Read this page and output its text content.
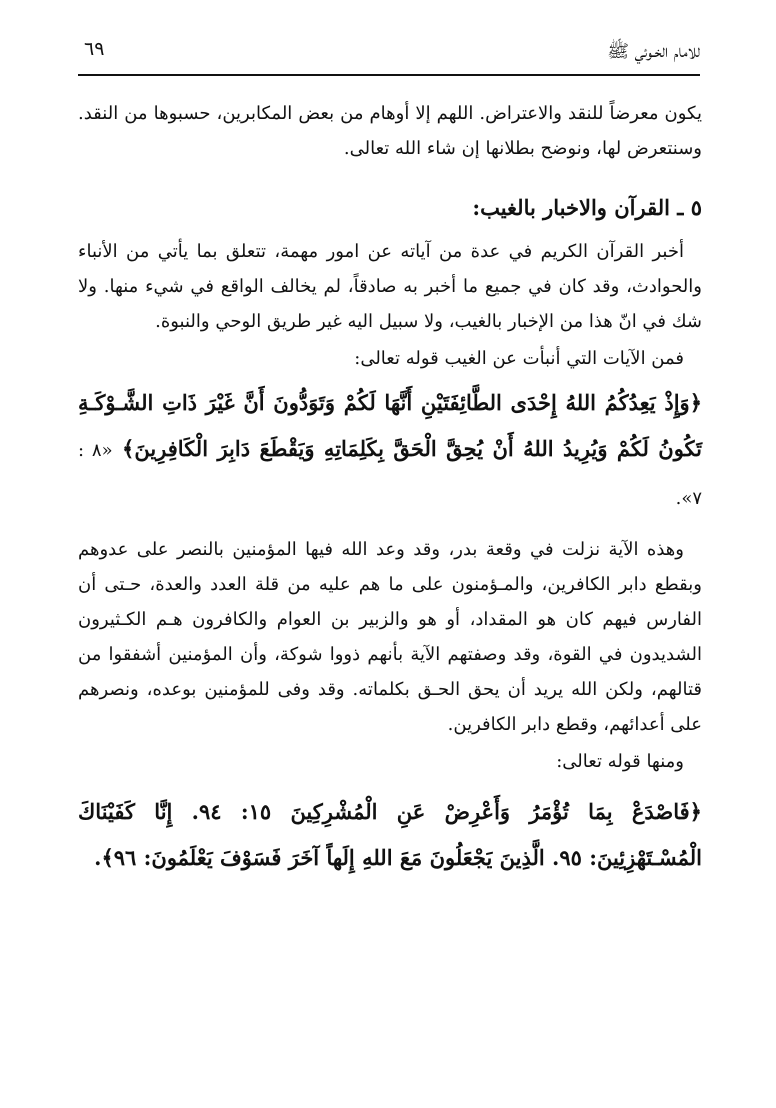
للامام الخـوئي ﷺ
٦٩

يكون معرضاً للنقد والاعتراض. اللهم إلا أوهام من بعض المكابرين، حسبوها من النقد. وسنتعرض لها، ونوضح بطلانها إن شاء الله تعالى.

٥ ـ القرآن والاخبار بالغيب:

أخبر القرآن الكريم في عدة من آياته عن امور مهمة، تتعلق بما يأتي من الأنباء والحوادث، وقد كان في جميع ما أخبر به صادقاً، لم يخالف الواقع في شيء منها. ولا شك في انّ هذا من الإخبار بالغيب، ولا سبيل اليه غير طريق الوحي والنبوة.

فمن الآيات التي أنبأت عن الغيب قوله تعالى:

﴿وَإِذْ يَعِدُكُمُ اللهُ إِحْدَى الطَّائِفَتَيْنِ أَنَّهَا لَكُمْ وَتَوَدُّونَ أَنَّ غَيْرَ ذَاتِ الشَّـوْكَـةِ تَكُونُ لَكُمْ وَيُرِيدُ اللهُ أَنْ يُحِقَّ الْحَقَّ بِكَلِمَاتِهِ وَيَقْطَعَ دَابِرَ الْكَافِرِينَ﴾ «٨ : ٧».

وهذه الآية نزلت في وقعة بدر، وقد وعد الله فيها المؤمنين بالنصر على عدوهم وبقطع دابر الكافرين، والمـؤمنون على ما هم عليه من قلة العدد والعدة، حـتى أن الفارس فيهم كان هو المقداد، أو هو والزبير بن العوام والكافرون هـم الكـثيرون الشديدون في القوة، وقد وصفتهم الآية بأنهم ذووا شوكة، وأن المؤمنين أشفقوا من قتالهم، ولكن الله يريد أن يحق الحـق بكلماته. وقد وفى للمؤمنين بوعده، ونصرهم على أعدائهم، وقطع دابر الكافرين.

ومنها قوله تعالى:

﴿فَاصْدَعْ بِمَا تُؤْمَرُ وَأَعْرِضْ عَنِ الْمُشْرِكِينَ ١٥: ٩٤. إِنَّا كَفَيْنَاكَ الْمُسْـتَهْزِئِينَ: ٩٥. الَّذِينَ يَجْعَلُونَ مَعَ اللهِ إِلَهاً آخَرَ فَسَوْفَ يَعْلَمُونَ: ٩٦﴾.
